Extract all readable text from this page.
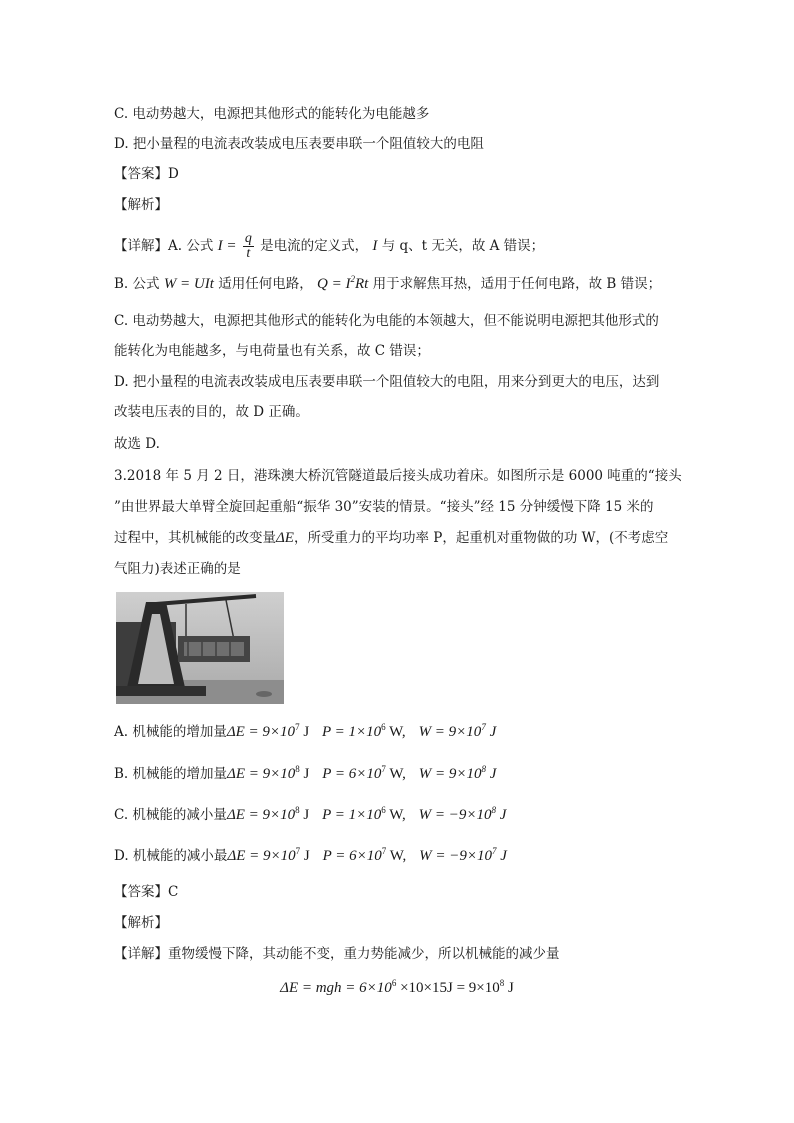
C. 电动势越大，电源把其他形式的能转化为电能越多
D. 把小量程的电流表改装成电压表要串联一个阻值较大的电阻
【答案】D
【解析】
【详解】A. 公式 $I = \frac{q}{t}$ 是电流的定义式， I 与 q、t 无关，故 A 错误；
B. 公式 W = UIt 适用任何电路， $Q = I^2Rt$ 用于求解焦耳热，适用于任何电路，故 B 错误；
C. 电动势越大，电源把其他形式的能转化为电能的本领越大，但不能说明电源把其他形式的
能转化为电能越多，与电荷量也有关系，故 C 错误；
D. 把小量程的电流表改装成电压表要串联一个阻值较大的电阻，用来分到更大的电压，达到
改装电压表的目的，故 D 正确。
故选 D.
3.2018 年 5 月 2 日，港珠澳大桥沉管隧道最后接头成功着床。如图所示是 6000 吨重的“接头
”由世界最大单臂全旋回起重船“振华 30”安装的情景。“接头”经 15 分钟缓慢下降 15 米的
过程中，其机械能的改变量ΔE，所受重力的平均功率 P，起重机对重物做的功 W，(不考虑空
气阻力)表述正确的是
A. 机械能的增加量$\Delta E = 9\times 10^7$ J $P = 1\times 10^6$ W, $W = 9\times 10^7$ J
B. 机械能的增加量$\Delta E = 9\times 10^8$ J $P = 6\times 10^7$ W, $W = 9\times 10^8$ J
C. 机械能的减小量$\Delta E = 9\times 10^8$ J $P = 1\times 10^6$ W, $W = -9\times 10^8$ J
D. 机械能的减小最$\Delta E = 9\times 10^7$ J $P = 6\times 10^7$ W, $W = -9\times 10^7$ J
【答案】C
【解析】
【详解】重物缓慢下降，其动能不变，重力势能减少，所以机械能的减少量
ΔE = mgh = $6\times 10^6 \times 10\times 15J = 9\times 10^8$ J
